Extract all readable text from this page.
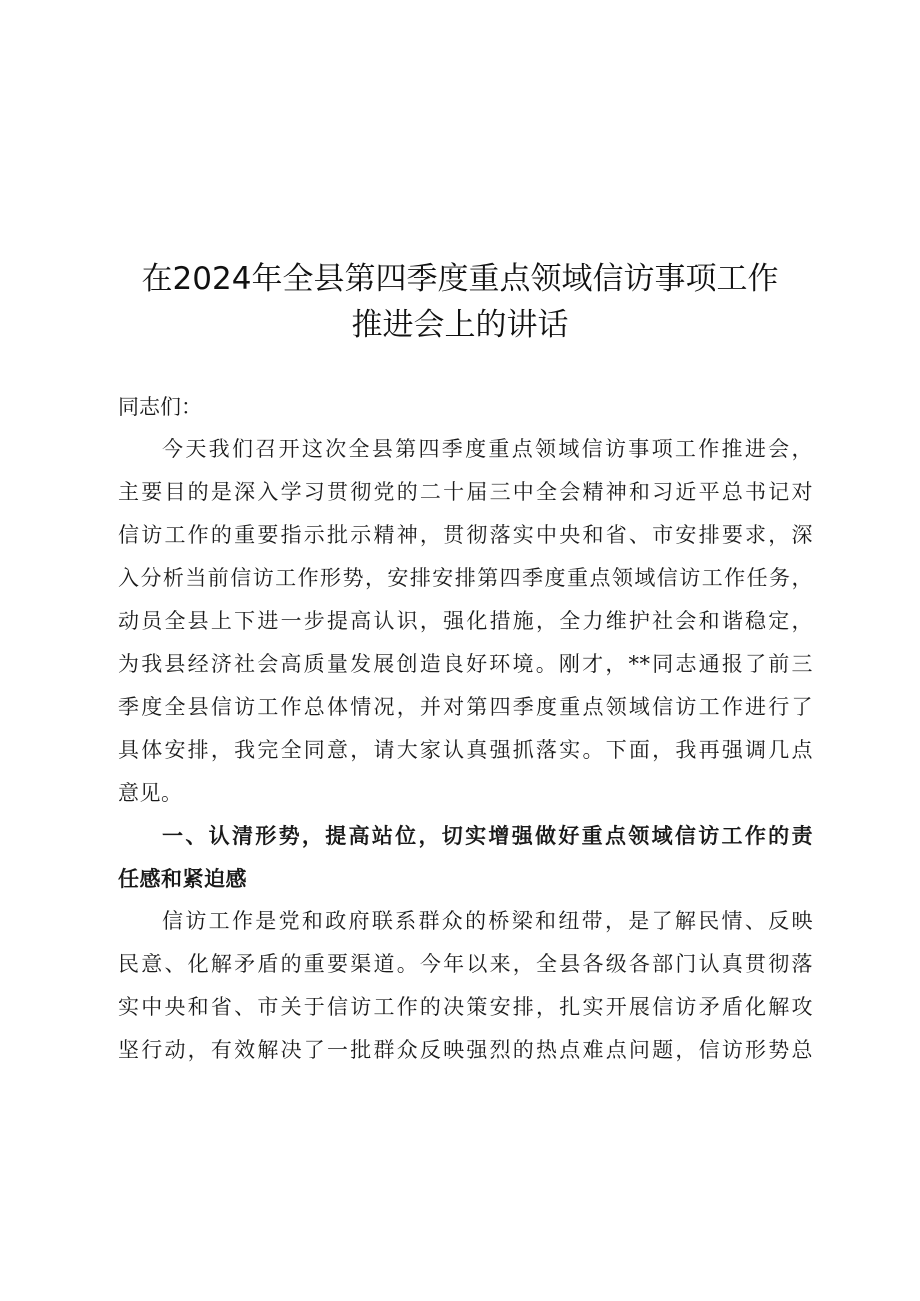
在2024年全县第四季度重点领域信访事项工作
推进会上的讲话
同志们：
今天我们召开这次全县第四季度重点领域信访事项工作推进会，
主要目的是深入学习贯彻党的二十届三中全会精神和习近平总书记对
信访工作的重要指示批示精神，贯彻落实中央和省、市安排要求，深
入分析当前信访工作形势，安排安排第四季度重点领域信访工作任务，
动员全县上下进一步提高认识，强化措施，全力维护社会和谐稳定，
为我县经济社会高质量发展创造良好环境。刚才，**同志通报了前三
季度全县信访工作总体情况，并对第四季度重点领域信访工作进行了
具体安排，我完全同意，请大家认真强抓落实。下面，我再强调几点
意见。
一、认清形势，提高站位，切实增强做好重点领域信访工作的责
任感和紧迫感
信访工作是党和政府联系群众的桥梁和纽带，是了解民情、反映
民意、化解矛盾的重要渠道。今年以来，全县各级各部门认真贯彻落
实中央和省、市关于信访工作的决策安排，扎实开展信访矛盾化解攻
坚行动，有效解决了一批群众反映强烈的热点难点问题，信访形势总
